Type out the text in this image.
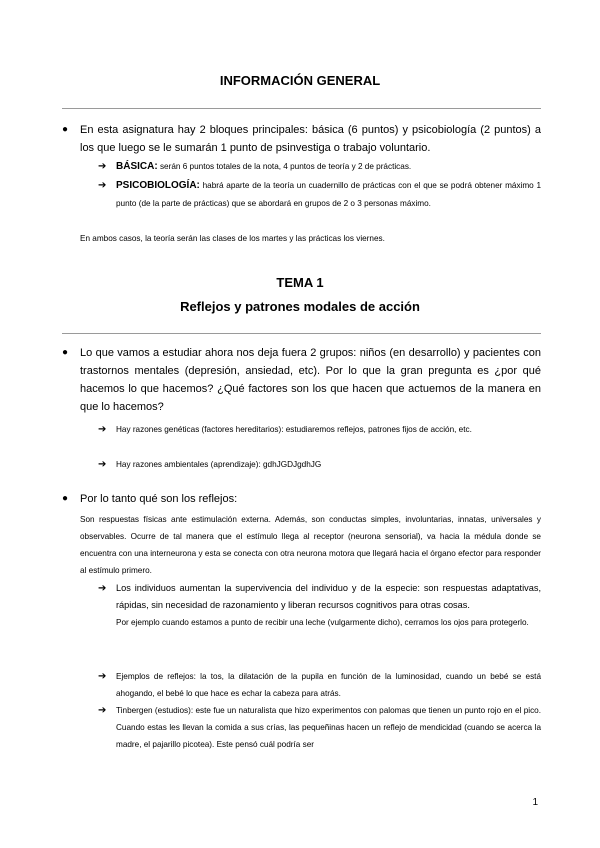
INFORMACIÓN GENERAL
● En esta asignatura hay 2 bloques principales: básica (6 puntos) y psicobiología (2 puntos) a los que luego se le sumarán 1 punto de psinvestiga o trabajo voluntario.
➔ BÁSICA: serán 6 puntos totales de la nota, 4 puntos de teoría y 2 de prácticas.
➔ PSICOBIOLOGÍA: habrá aparte de la teoría un cuadernillo de prácticas con el que se podrá obtener máximo 1 punto (de la parte de prácticas) que se abordará en grupos de 2 o 3 personas máximo.
En ambos casos, la teoría serán las clases de los martes y las prácticas los viernes.
TEMA 1
Reflejos y patrones modales de acción
● Lo que vamos a estudiar ahora nos deja fuera 2 grupos: niños (en desarrollo) y pacientes con trastornos mentales (depresión, ansiedad, etc). Por lo que la gran pregunta es ¿por qué hacemos lo que hacemos? ¿Qué factores son los que hacen que actuemos de la manera en que lo hacemos?
➔ Hay razones genéticas (factores hereditarios): estudiaremos reflejos, patrones fijos de acción, etc.
➔ Hay razones ambientales (aprendizaje): gdhJGDJgdhJG
● Por lo tanto qué son los reflejos:
Son respuestas físicas ante estimulación externa. Además, son conductas simples, involuntarias, innatas, universales y observables. Ocurre de tal manera que el estímulo llega al receptor (neurona sensorial), va hacia la médula donde se encuentra con una interneurona y esta se conecta con otra neurona motora que llegará hacia el órgano efector para responder al estímulo primero.
➔ Los individuos aumentan la supervivencia del individuo y de la especie: son respuestas adaptativas, rápidas, sin necesidad de razonamiento y liberan recursos cognitivos para otras cosas.
Por ejemplo cuando estamos a punto de recibir una leche (vulgarmente dicho), cerramos los ojos para protegerlo.
➔ Ejemplos de reflejos: la tos, la dilatación de la pupila en función de la luminosidad, cuando un bebé se está ahogando, el bebé lo que hace es echar la cabeza para atrás.
➔ Tinbergen (estudios): este fue un naturalista que hizo experimentos con palomas que tienen un punto rojo en el pico. Cuando estas les llevan la comida a sus crías, las pequeñinas hacen un reflejo de mendicidad (cuando se acerca la madre, el pajarillo picotea). Este pensó cuál podría ser
1
